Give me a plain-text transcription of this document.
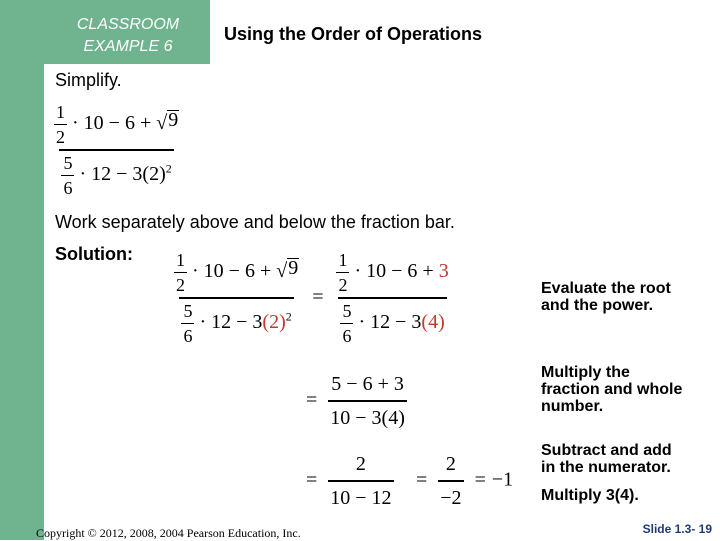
CLASSROOM
EXAMPLE 6
Using the Order of Operations
Simplify.
$\frac{\frac{1}{2} \cdot 10 - 6 + √ 9}{\frac{5}{6} \cdot 12 - 3(2)^2}$
Work separately above and below the fraction bar.
Solution: $\frac{\frac{1}{2} \cdot 10 - 6 + √ 9}{\frac{5}{6} \cdot 12 - 3(2)^2} = \frac{\frac{1}{2} \cdot 10 - 6 + 3}{\frac{5}{6} \cdot 12 - 3(4)}$
= $\frac{5 - 6 + 3}{10 - 3(4)}$
= $\frac{2}{10 - 12}$	= $\frac{2}{-2} = -1$
Evaluate the root
and the power.
Multiply the
fraction and whole
number.
Subtract and add
in the numerator.
Multiply 3(4).
Copyright © 2012, 2008, 2004 Pearson Education, Inc.	Slide 1.3- 19
